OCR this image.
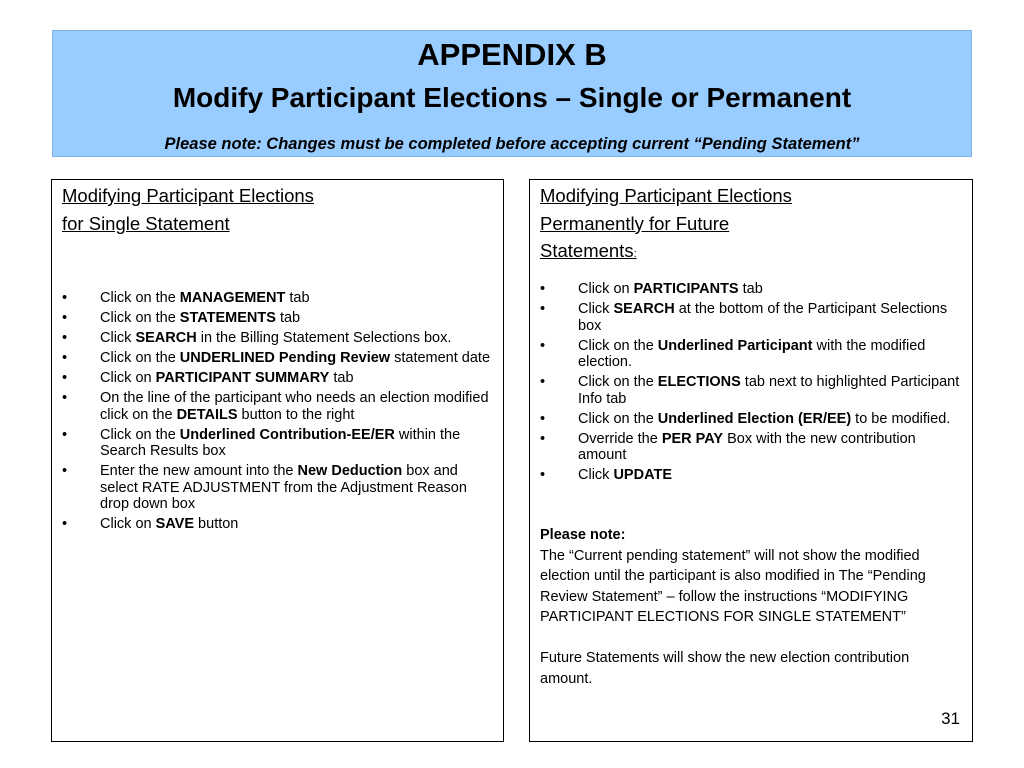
APPENDIX B
Modify Participant Elections – Single or Permanent
Please note: Changes must be completed before accepting current “Pending Statement”
Modifying Participant Elections
for Single Statement
• Click on the MANAGEMENT tab
• Click on the STATEMENTS tab
• Click SEARCH in the Billing Statement Selections box.
• Click on the UNDERLINED Pending Review statement date
• Click on PARTICIPANT SUMMARY tab
• On the line of the participant who needs an election modified click on the DETAILS button to the right
• Click on the Underlined Contribution-EE/ER within the Search Results box
• Enter the new amount into the New Deduction box and select RATE ADJUSTMENT from the Adjustment Reason drop down box
• Click on SAVE button
Modifying Participant Elections
Permanently for Future
Statements:
• Click on PARTICIPANTS tab
• Click SEARCH at the bottom of the Participant Selections box
• Click on the Underlined Participant with the modified election.
• Click on the ELECTIONS tab next to highlighted Participant Info tab
• Click on the Underlined Election (ER/EE) to be modified.
• Override the PER PAY Box with the new contribution amount
• Click UPDATE

Please note:

The “Current pending statement” will not show the modified election until the participant is also modified in The “Pending Review Statement” – follow the instructions “MODIFYING PARTICIPANT ELECTIONS FOR SINGLE STATEMENT”

Future Statements will show the new election contribution amount.

31
